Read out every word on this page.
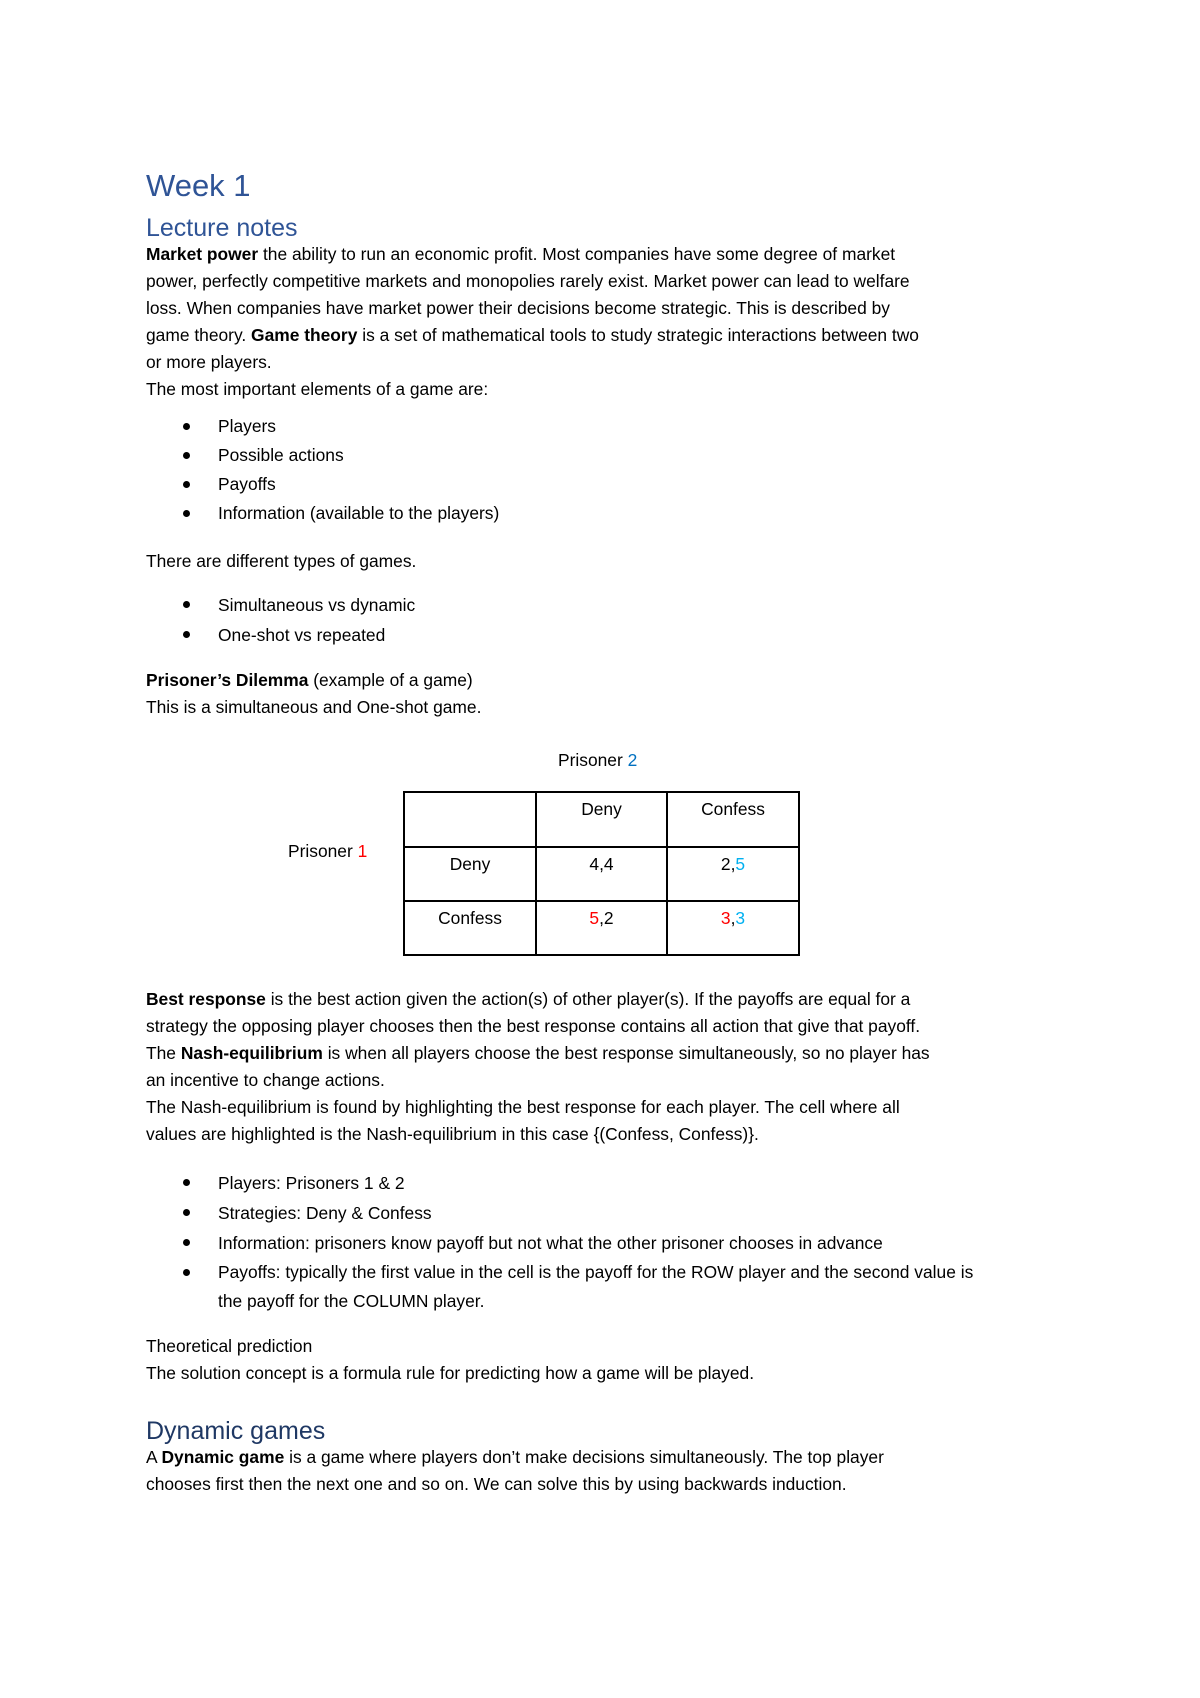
Week 1
Lecture notes

Market power the ability to run an economic profit. Most companies have some degree of market
power, perfectly competitive markets and monopolies rarely exist. Market power can lead to welfare
loss. When companies have market power their decisions become strategic. This is described by
game theory. Game theory is a set of mathematical tools to study strategic interactions between two
or more players.
The most important elements of a game are:

Players
Possible actions
Payoffs
Information (available to the players)

There are different types of games.

Simultaneous vs dynamic
One-shot vs repeated

Prisoner’s Dilemma (example of a game)
This is a simultaneous and One-shot game.

Prisoner 2
Prisoner 1
	Deny	Confess
Deny	4,4	2,5
Confess	5,2	3,3

Best response is the best action given the action(s) of other player(s). If the payoffs are equal for a
strategy the opposing player chooses then the best response contains all action that give that payoff.
The Nash-equilibrium is when all players choose the best response simultaneously, so no player has
an incentive to change actions.
The Nash-equilibrium is found by highlighting the best response for each player. The cell where all
values are highlighted is the Nash-equilibrium in this case {(Confess, Confess)}.

Players: Prisoners 1 & 2
Strategies: Deny & Confess
Information: prisoners know payoff but not what the other prisoner chooses in advance
Payoffs: typically the first value in the cell is the payoff for the ROW player and the second value is the payoff for the COLUMN player.

Theoretical prediction
The solution concept is a formula rule for predicting how a game will be played.

Dynamic games

A Dynamic game is a game where players don’t make decisions simultaneously. The top player
chooses first then the next one and so on. We can solve this by using backwards induction.
